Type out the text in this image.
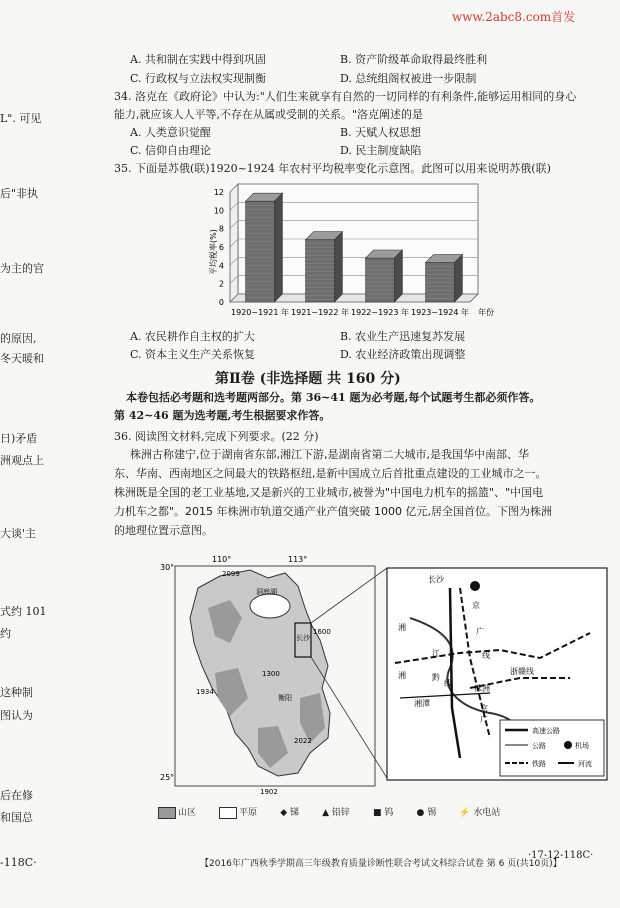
www.2abc8.com首发
L". 可见
后"非执
为主的官
的原因,
冬天暖和
日)矛盾
洲观点上
大谈'主
式约 101
约
这种制
图认为
后在修
和国总
-118C·
A. 共和制在实践中得到巩固	B. 资产阶级革命取得最终胜利
C. 行政权与立法权实现制衡	D. 总统组阁权被进一步限制
34. 洛克在《政府论》中认为:"人们生来就享有自然的一切同样的有利条件,能够运用相同的身心
能力,就应该人人平等,不存在从属或受制的关系。"洛克阐述的是
A. 人类意识觉醒	B. 天赋人权思想
C. 信仰自由理论	D. 民主制度缺陷
35. 下面是苏俄(联)1920~1924 年农村平均税率变化示意图。此图可以用来说明苏俄(联)
0
2
4
6
8
10
12
1920~1921 年 1921~1922 年 1922~1923 年 1923~1924 年
平均税率(%)
年份
A. 农民耕作自主权的扩大	B. 农业生产迅速复苏发展
C. 资本主义生产关系恢复	D. 农业经济政策出现调整
第Ⅱ卷 (非选择题 共 160 分)
本卷包括必考题和选考题两部分。第 36~41 题为必考题,每个试题考生都必须作答。
第 42~46 题为选考题,考生根据要求作答。
36. 阅读图文材料,完成下列要求。(22 分)
株洲古称建宁,位于湖南省东部,湘江下游,是湖南省第二大城市,是我国华中南部、华
东、华南、西南地区之间最大的铁路枢纽,是新中国成立后首批重点建设的工业城市之一。
株洲既是全国的老工业基地,又是新兴的工业城市,被誉为"中国电力机车的摇篮"、"中国电
力机车之都"。2015 年株洲市轨道交通产业产值突破 1000 亿元,居全国首位。下图为株洲
的地理位置示意图。
110°	113°
30°
25°
2099
1934
1300
1600
2022
1902
洞庭湖
长沙
衡阳
长沙
京
湘	广
江	线
湘	黔
线
株洲
浙赣线
湘潭
京
广
高速公路
公路	机场
铁路	河流
山区	平原	◆ 锑	▲ 铅锌	■ 钨	● 锡	⚡ 水电站
【2016年广西秋季学期高三年级教育质量诊断性联合考试文科综合试卷 第 6 页(共10页)】
·17-12-118C·
